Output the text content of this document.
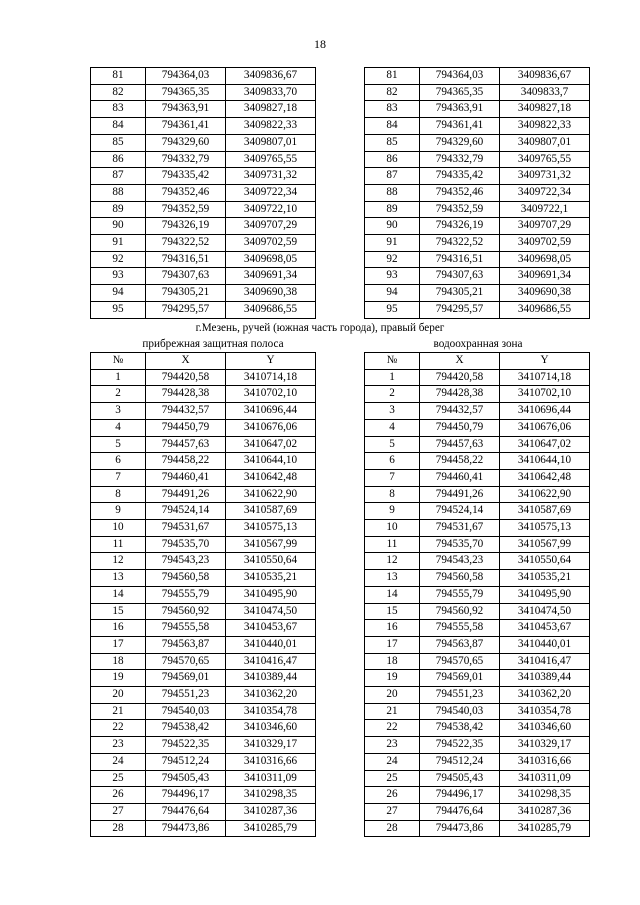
18
81	794364,03	3409836,67
82	794365,35	3409833,70
83	794363,91	3409827,18
84	794361,41	3409822,33
85	794329,60	3409807,01
86	794332,79	3409765,55
87	794335,42	3409731,32
88	794352,46	3409722,34
89	794352,59	3409722,10
90	794326,19	3409707,29
91	794322,52	3409702,59
92	794316,51	3409698,05
93	794307,63	3409691,34
94	794305,21	3409690,38
95	794295,57	3409686,55
81	794364,03	3409836,67
82	794365,35	3409833,7
83	794363,91	3409827,18
84	794361,41	3409822,33
85	794329,60	3409807,01
86	794332,79	3409765,55
87	794335,42	3409731,32
88	794352,46	3409722,34
89	794352,59	3409722,1
90	794326,19	3409707,29
91	794322,52	3409702,59
92	794316,51	3409698,05
93	794307,63	3409691,34
94	794305,21	3409690,38
95	794295,57	3409686,55
г.Мезень, ручей (южная часть города), правый берег
прибрежная защитная полоса	водоохранная зона
№	X	Y
1	794420,58	3410714,18
2	794428,38	3410702,10
3	794432,57	3410696,44
4	794450,79	3410676,06
5	794457,63	3410647,02
6	794458,22	3410644,10
7	794460,41	3410642,48
8	794491,26	3410622,90
9	794524,14	3410587,69
10	794531,67	3410575,13
11	794535,70	3410567,99
12	794543,23	3410550,64
13	794560,58	3410535,21
14	794555,79	3410495,90
15	794560,92	3410474,50
16	794555,58	3410453,67
17	794563,87	3410440,01
18	794570,65	3410416,47
19	794569,01	3410389,44
20	794551,23	3410362,20
21	794540,03	3410354,78
22	794538,42	3410346,60
23	794522,35	3410329,17
24	794512,24	3410316,66
25	794505,43	3410311,09
26	794496,17	3410298,35
27	794476,64	3410287,36
28	794473,86	3410285,79
№	X	Y
1	794420,58	3410714,18
2	794428,38	3410702,10
3	794432,57	3410696,44
4	794450,79	3410676,06
5	794457,63	3410647,02
6	794458,22	3410644,10
7	794460,41	3410642,48
8	794491,26	3410622,90
9	794524,14	3410587,69
10	794531,67	3410575,13
11	794535,70	3410567,99
12	794543,23	3410550,64
13	794560,58	3410535,21
14	794555,79	3410495,90
15	794560,92	3410474,50
16	794555,58	3410453,67
17	794563,87	3410440,01
18	794570,65	3410416,47
19	794569,01	3410389,44
20	794551,23	3410362,20
21	794540,03	3410354,78
22	794538,42	3410346,60
23	794522,35	3410329,17
24	794512,24	3410316,66
25	794505,43	3410311,09
26	794496,17	3410298,35
27	794476,64	3410287,36
28	794473,86	3410285,79
